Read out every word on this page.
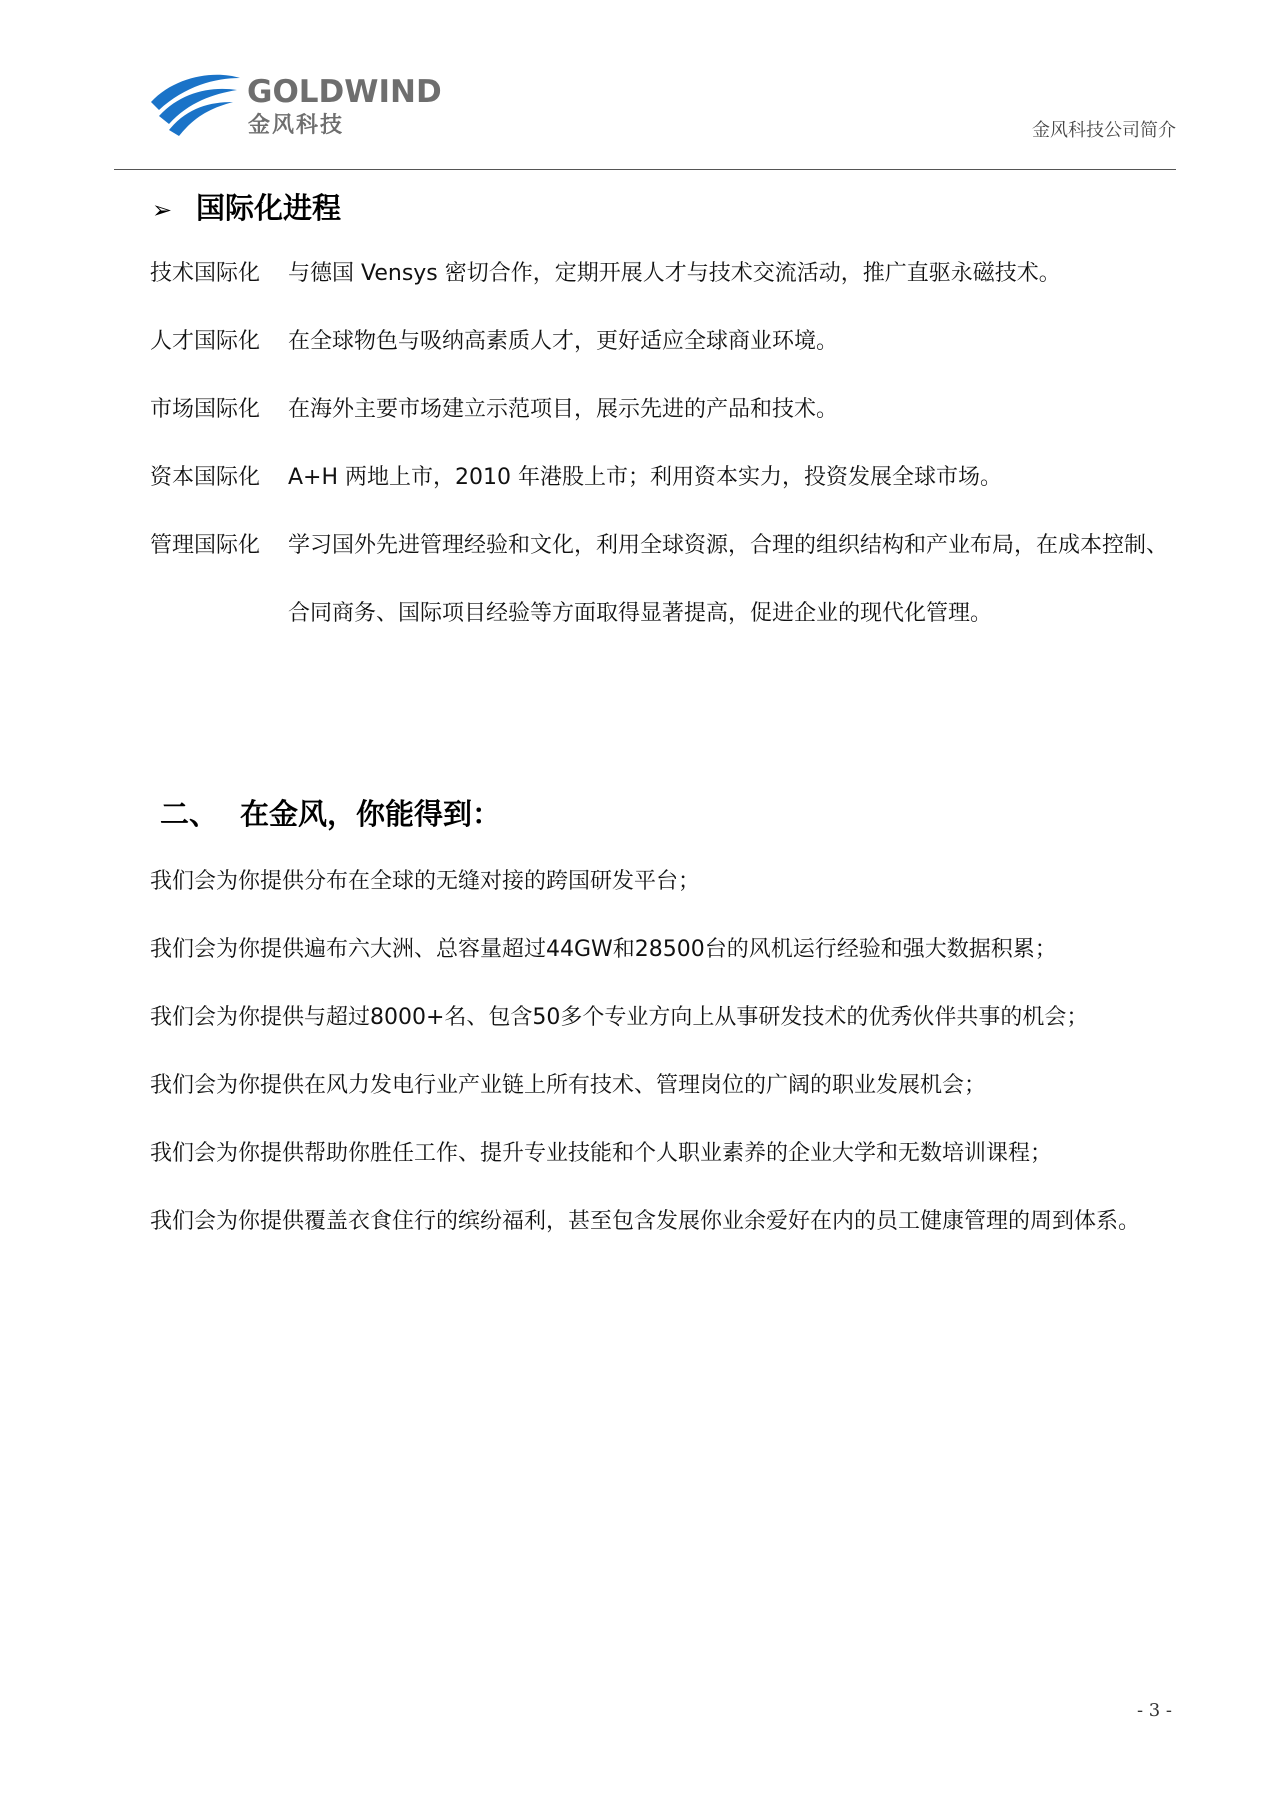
GOLDWIND
金风科技	金风科技公司简介
➢ 国际化进程
技术国际化	与德国 Vensys 密切合作，定期开展人才与技术交流活动，推广直驱永磁技术。
人才国际化	在全球物色与吸纳高素质人才，更好适应全球商业环境。
市场国际化	在海外主要市场建立示范项目，展示先进的产品和技术。
资本国际化	A+H 两地上市，2010 年港股上市；利用资本实力，投资发展全球市场。
管理国际化	学习国外先进管理经验和文化，利用全球资源，合理的组织结构和产业布局，在成本控制、合同商务、国际项目经验等方面取得显著提高，促进企业的现代化管理。
二、 在金风，你能得到：
我们会为你提供分布在全球的无缝对接的跨国研发平台；
我们会为你提供遍布六大洲、总容量超过44GW和28500台的风机运行经验和强大数据积累；
我们会为你提供与超过8000+名、包含50多个专业方向上从事研发技术的优秀伙伴共事的机会；
我们会为你提供在风力发电行业产业链上所有技术、管理岗位的广阔的职业发展机会；
我们会为你提供帮助你胜任工作、提升专业技能和个人职业素养的企业大学和无数培训课程；
我们会为你提供覆盖衣食住行的缤纷福利，甚至包含发展你业余爱好在内的员工健康管理的周到体系。
- 3 -
